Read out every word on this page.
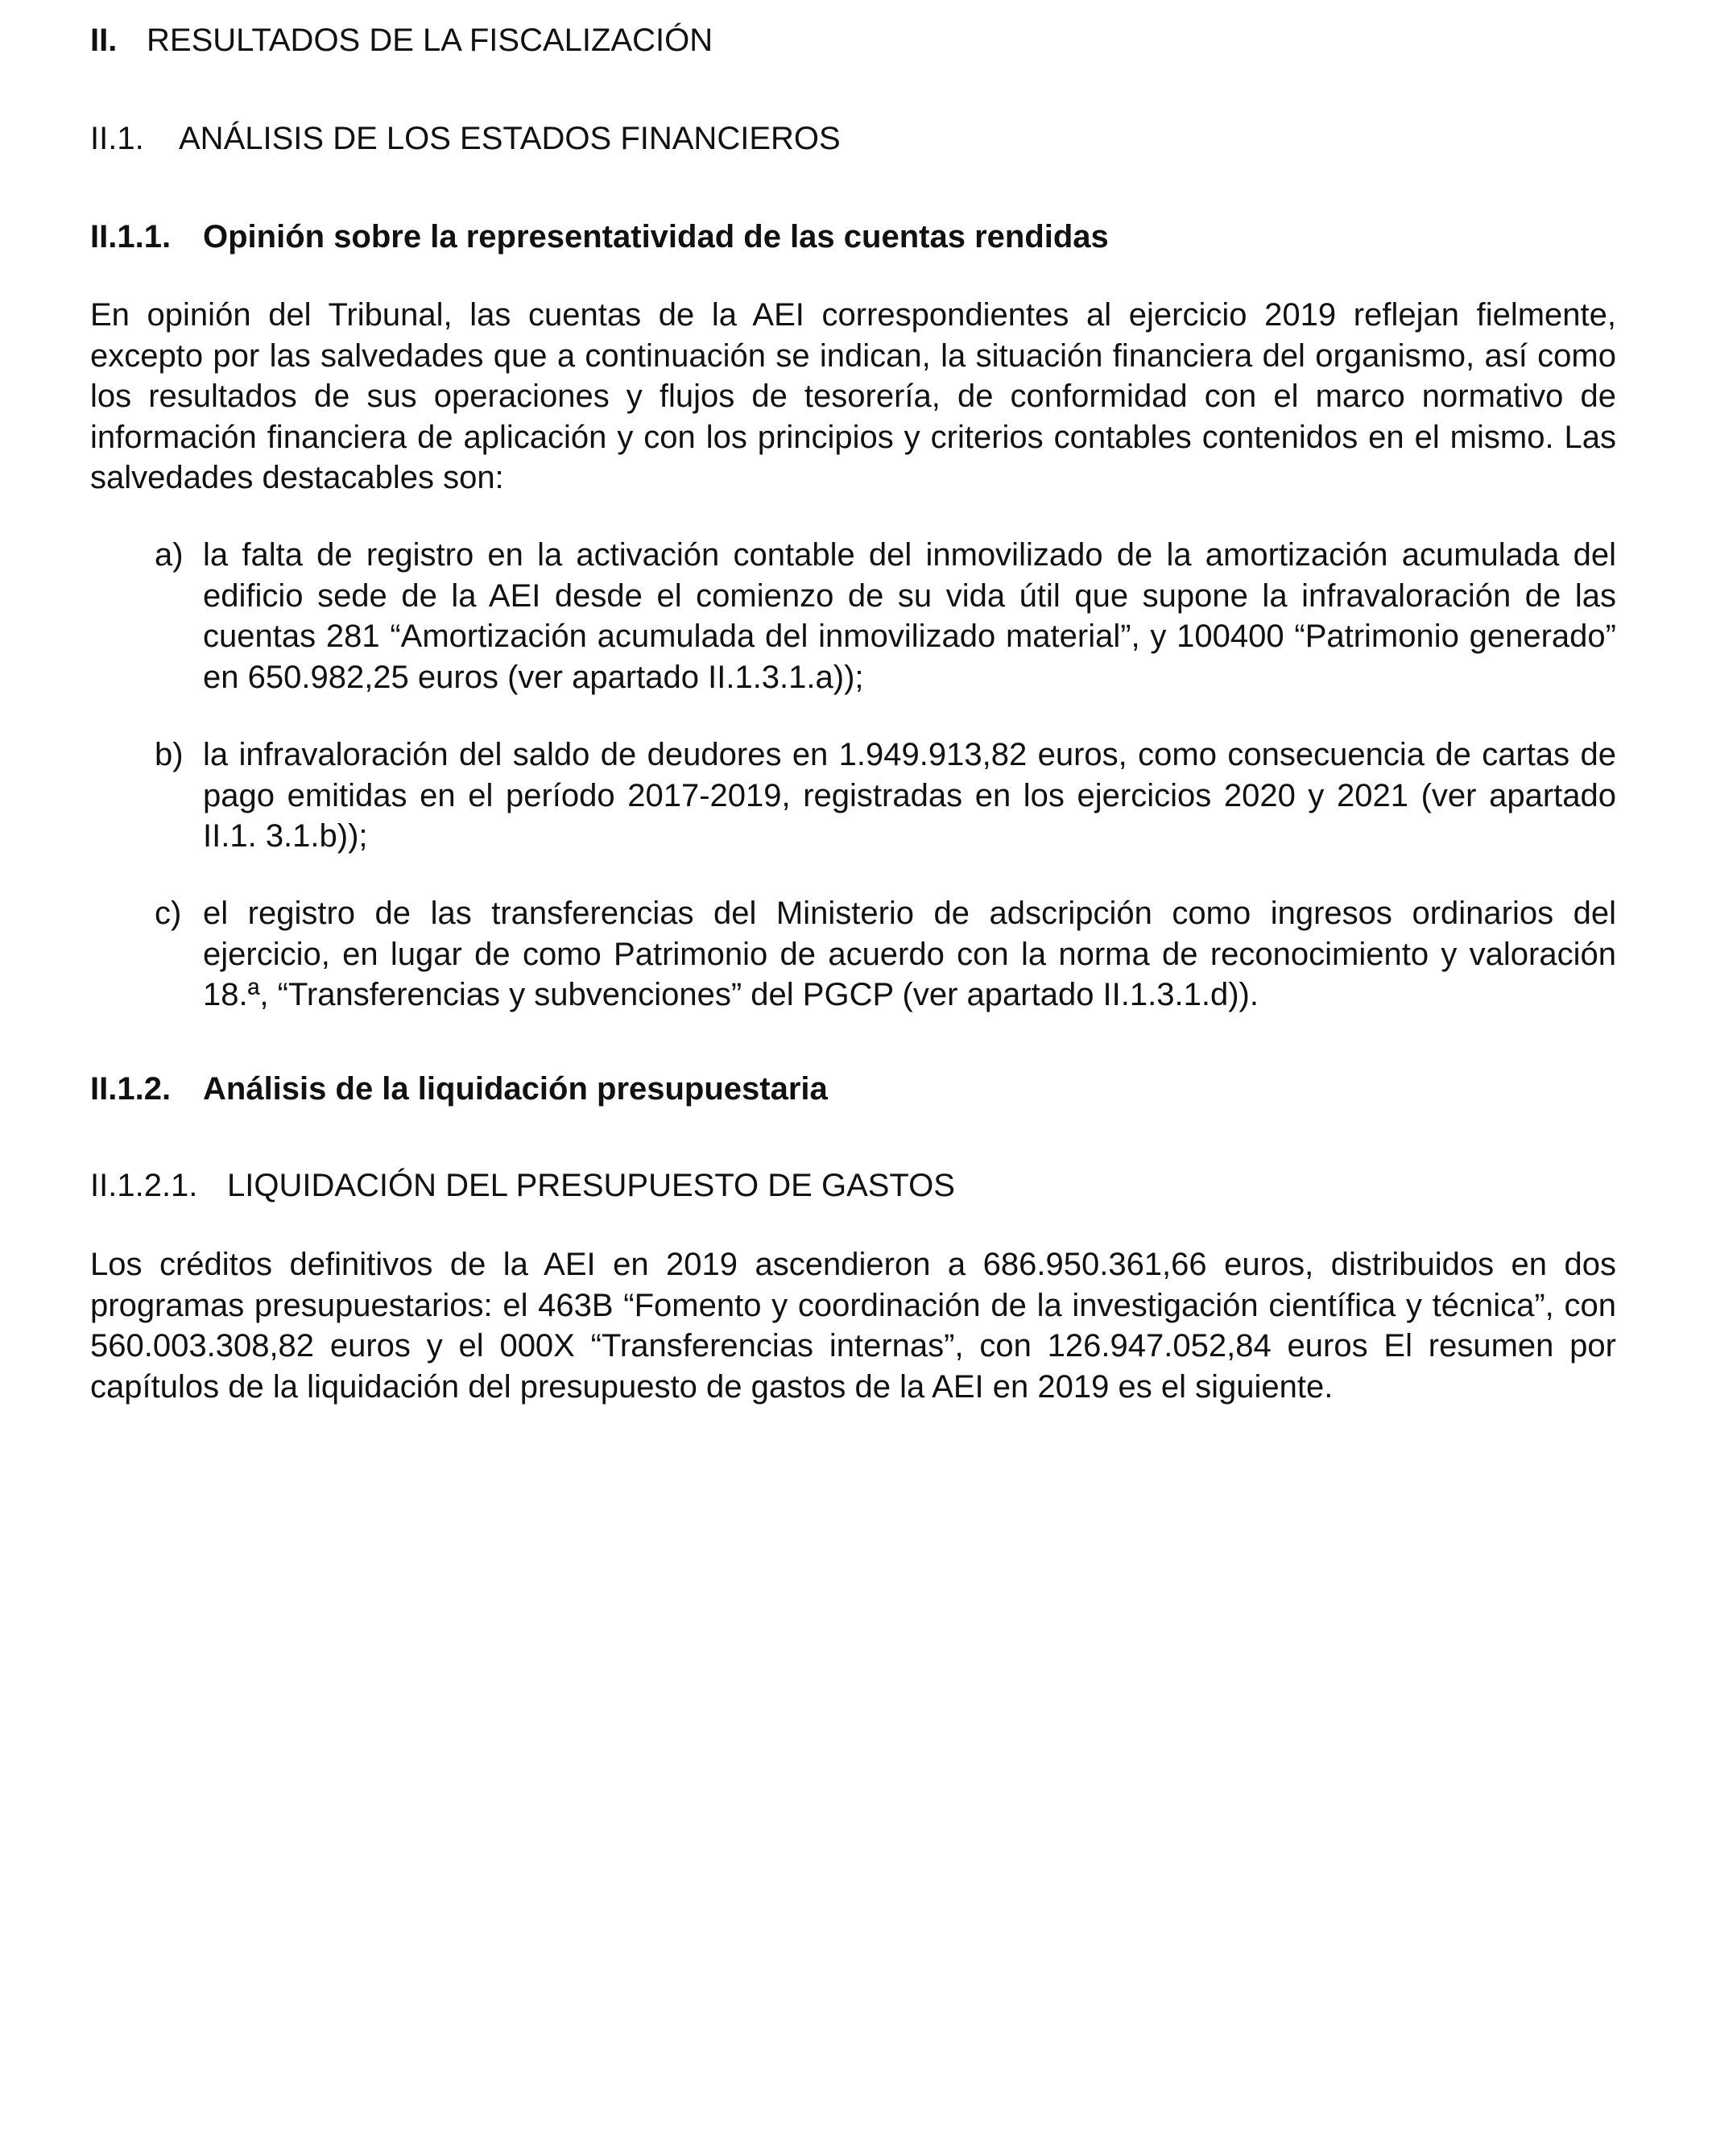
II. RESULTADOS DE LA FISCALIZACIÓN
II.1. ANÁLISIS DE LOS ESTADOS FINANCIEROS
II.1.1. Opinión sobre la representatividad de las cuentas rendidas
En opinión del Tribunal, las cuentas de la AEI correspondientes al ejercicio 2019 reflejan fielmente, excepto por las salvedades que a continuación se indican, la situación financiera del organismo, así como los resultados de sus operaciones y flujos de tesorería, de conformidad con el marco normativo de información financiera de aplicación y con los principios y criterios contables contenidos en el mismo. Las salvedades destacables son:
a) la falta de registro en la activación contable del inmovilizado de la amortización acumulada del edificio sede de la AEI desde el comienzo de su vida útil que supone la infravaloración de las cuentas 281 “Amortización acumulada del inmovilizado material”, y 100400 “Patrimonio generado” en 650.982,25 euros (ver apartado II.1.3.1.a));
b) la infravaloración del saldo de deudores en 1.949.913,82 euros, como consecuencia de cartas de pago emitidas en el período 2017-2019, registradas en los ejercicios 2020 y 2021 (ver apartado II.1. 3.1.b));
c) el registro de las transferencias del Ministerio de adscripción como ingresos ordinarios del ejercicio, en lugar de como Patrimonio de acuerdo con la norma de reconocimiento y valoración 18.ª, “Transferencias y subvenciones” del PGCP (ver apartado II.1.3.1.d)).
II.1.2. Análisis de la liquidación presupuestaria
II.1.2.1. LIQUIDACIÓN DEL PRESUPUESTO DE GASTOS
Los créditos definitivos de la AEI en 2019 ascendieron a 686.950.361,66 euros, distribuidos en dos programas presupuestarios: el 463B “Fomento y coordinación de la investigación científica y técnica”, con 560.003.308,82 euros y el 000X “Transferencias internas”, con 126.947.052,84 euros El resumen por capítulos de la liquidación del presupuesto de gastos de la AEI en 2019 es el siguiente.
